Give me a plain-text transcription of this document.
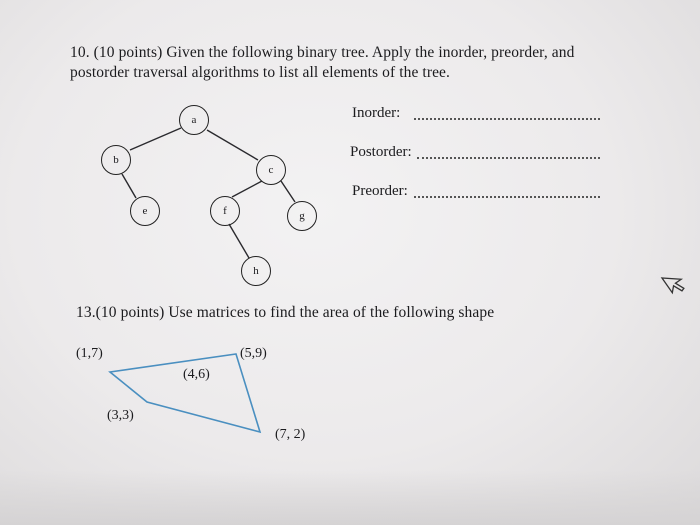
10. (10 points) Given the following binary tree. Apply the inorder, preorder, and
postorder traversal algorithms to list all elements of the tree.
Inorder:
Postorder:
Preorder:
a
b
c
e	f	g
h
13.(10 points) Use matrices to find the area of the following shape
(1,7)	(5,9)
(4,6)
(3,3)
(7, 2)
